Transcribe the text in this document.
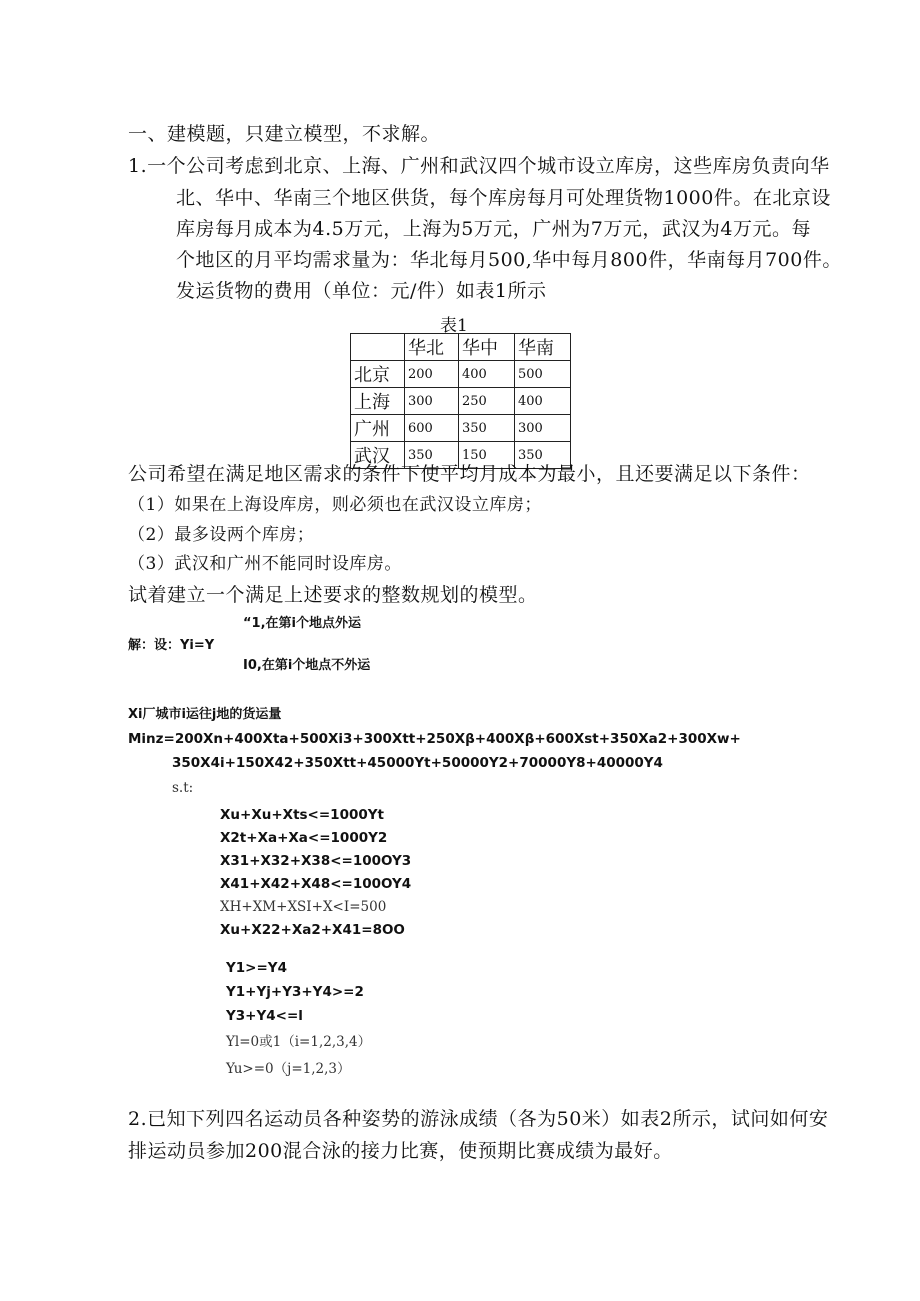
一、建模题，只建立模型，不求解。
1.一个公司考虑到北京、上海、广州和武汉四个城市设立库房，这些库房负责向华
北、华中、华南三个地区供货，每个库房每月可处理货物1000件。在北京设
库房每月成本为4.5万元，上海为5万元，广州为7万元，武汉为4万元。每
个地区的月平均需求量为：华北每月500,华中每月800件，华南每月700件。
发运货物的费用（单位：元/件）如表1所示
表1
	华北	华中	华南
北京	200	400	500
上海	300	250	400
广州	600	350	300
武汉	350	150	350
公司希望在满足地区需求的条件下使平均月成本为最小，且还要满足以下条件：
（1）如果在上海设库房，则必须也在武汉设立库房；
（2）最多设两个库房；
（3）武汉和广州不能同时设库房。
试着建立一个满足上述要求的整数规划的模型。
“1,在第i个地点外运
解：设：Yi=Y
I0,在第i个地点不外运
Xi厂城市i运往j地的货运量
Minz=200Xn+400Xta+500Xi3+300Xtt+250Xβ+400Xβ+600Xst+350Xa2+300Xw+
350X4i+150X42+350Xtt+45000Yt+50000Y2+70000Y8+40000Y4
s.t:
Xu+Xu+Xts<=1000Yt
X2t+Xa+Xa<=1000Y2
X31+X32+X38<=100OY3
X41+X42+X48<=100OY4
XH+XM+XSI+X<I=500
Xu+X22+Xa2+X41=8OO
Y1>=Y4
Y1+Yj+Y3+Y4>=2
Y3+Y4<=l
Yl=0或1（i=1,2,3,4）
Yu>=0（j=1,2,3）
2.已知下列四名运动员各种姿势的游泳成绩（各为50米）如表2所示，试问如何安
排运动员参加200混合泳的接力比赛，使预期比赛成绩为最好。
